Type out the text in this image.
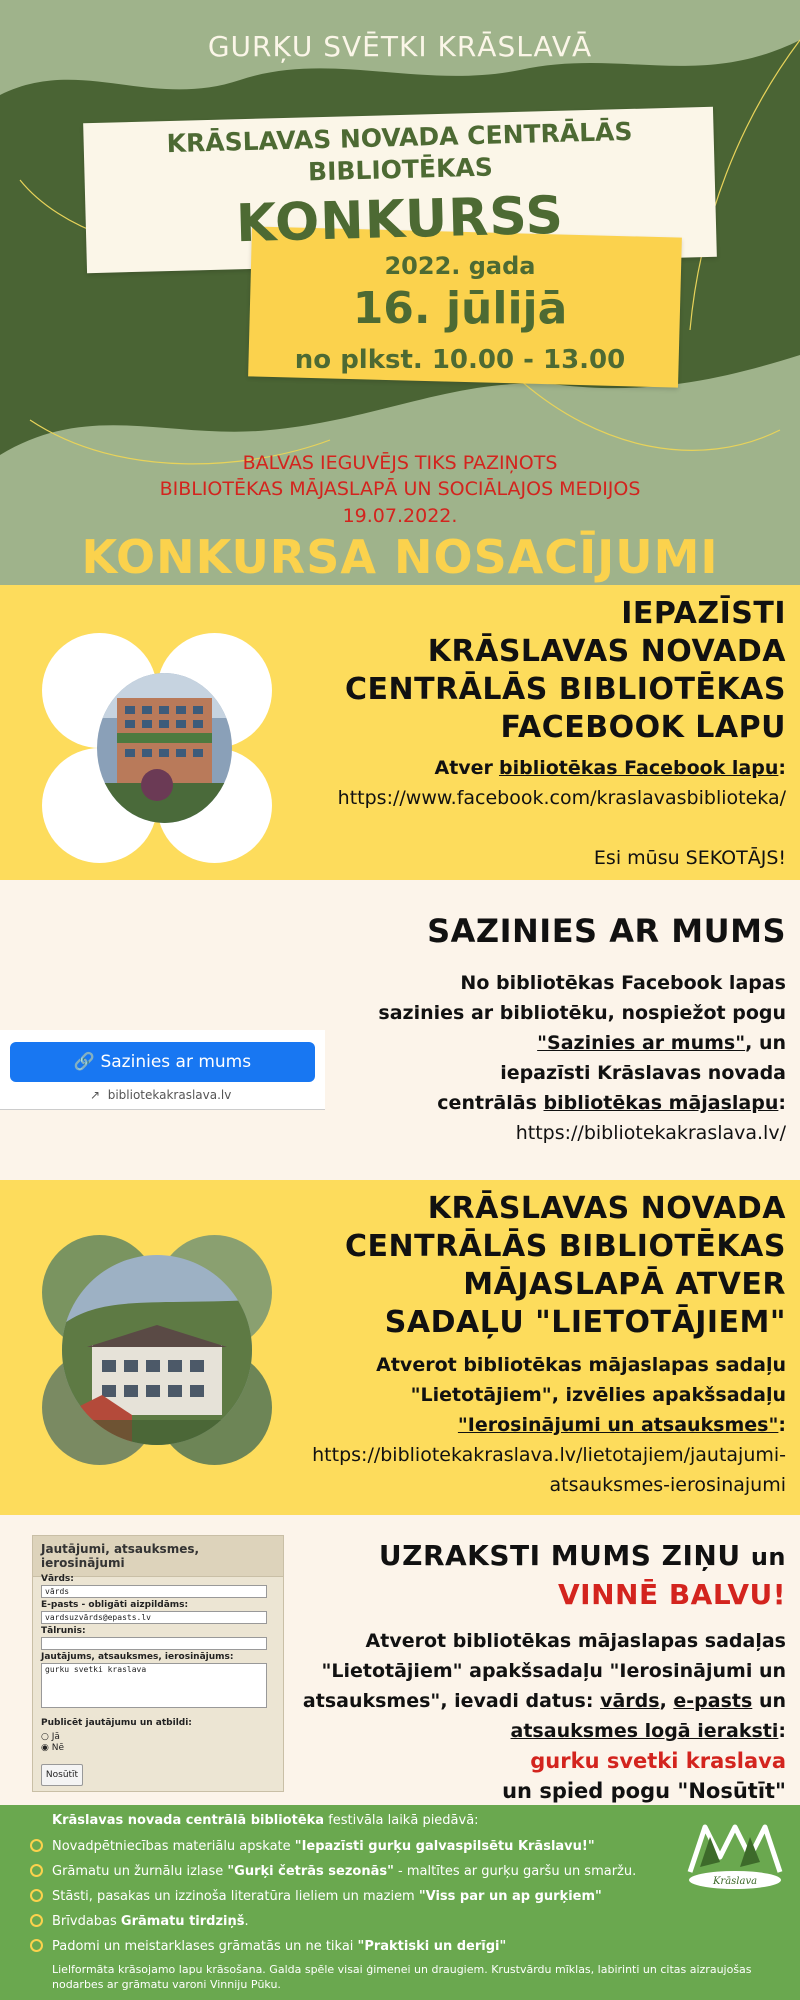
GURĶU SVĒTKI KRĀSLAVĀ
KRĀSLAVAS NOVADA CENTRĀLĀS
BIBLIOTĒKAS
KONKURSS
2022. gada
16. jūlijā
no plkst. 10.00 - 13.00
BALVAS IEGUVĒJS TIKS PAZIŅOTS
BIBLIOTĒKAS MĀJASLAPĀ UN SOCIĀLAJOS MEDIJOS
19.07.2022.
KONKURSA NOSACĪJUMI
IEPAZĪSTI
KRĀSLAVAS NOVADA
CENTRĀLĀS BIBLIOTĒKAS
FACEBOOK LAPU
Atver bibliotēkas Facebook lapu:
https://www.facebook.com/kraslavasbiblioteka/
Esi mūsu SEKOTĀJS!
🔗 Sazinies ar mums
↗ bibliotekakraslava.lv
SAZINIES AR MUMS
No bibliotēkas Facebook lapas
sazinies ar bibliotēku, nospiežot pogu
"Sazinies ar mums", un
iepazīsti Krāslavas novada
centrālās bibliotēkas mājaslapu:
https://bibliotekakraslava.lv/
KRĀSLAVAS NOVADA
CENTRĀLĀS BIBLIOTĒKAS
MĀJASLAPĀ ATVER
SADAĻU "LIETOTĀJIEM"
Atverot bibliotēkas mājaslapas sadaļu
"Lietotājiem", izvēlies apakšsadaļu
"Ierosinājumi un atsauksmes":
https://bibliotekakraslava.lv/lietotajiem/jautajumi-
atsauksmes-ierosinajumi
Jautājumi, atsauksmes, ierosinājumi
Vārds:
vārds
E-pasts - obligāti aizpildāms:
vardsuzvārds@epasts.lv
Tālrunis:
Jautājums, atsauksmes, ierosinājums:
gurku svetki kraslava
Publicēt jautājumu un atbildi:
○ Jā
◉ Nē
Nosūtīt
UZRAKSTI MUMS ZIŅU un
VINNĒ BALVU!
Atverot bibliotēkas mājaslapas sadaļas
"Lietotājiem" apakšsadaļu "Ierosinājumi un
atsauksmes", ievadi datus: vārds, e-pasts un
atsauksmes logā ieraksti:
gurku svetki kraslava
un spied pogu "Nosūtīt"
Krāslavas novada centrālā bibliotēka festivāla laikā piedāvā:
Novadpētniecības materiālu apskate "Iepazīsti gurķu galvaspilsētu Krāslavu!"
Grāmatu un žurnālu izlase "Gurķi četrās sezonās" - maltītes ar gurķu garšu un smaržu.
Stāsti, pasakas un izzinoša literatūra lieliem un maziem "Viss par un ap gurķiem"
Brīvdabas Grāmatu tirdziņš.
Padomi un meistarklases grāmatās un ne tikai "Praktiski un derīgi"
Lielformāta krāsojamo lapu krāsošana. Galda spēle visai ģimenei un draugiem. Krustvārdu mīklas, labirinti un citas aizraujošas nodarbes ar grāmatu varoni Vinniju Pūku.
Krāslava
